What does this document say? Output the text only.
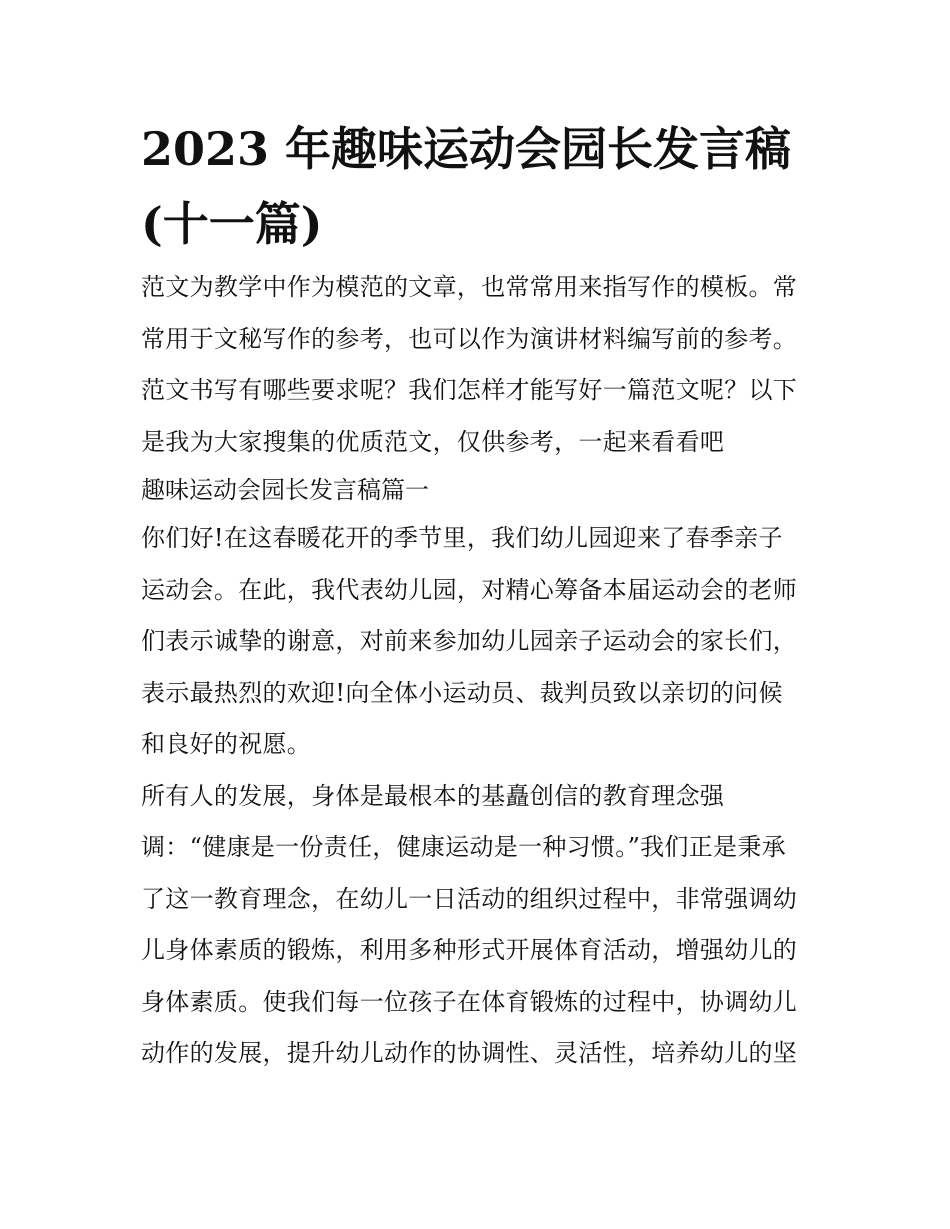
2023 年趣味运动会园长发言稿
(十一篇)

范文为教学中作为模范的文章，也常常用来指写作的模板。常
常用于文秘写作的参考，也可以作为演讲材料编写前的参考。
范文书写有哪些要求呢？我们怎样才能写好一篇范文呢？以下
是我为大家搜集的优质范文，仅供参考，一起来看看吧

趣味运动会园长发言稿篇一

你们好!在这春暖花开的季节里，我们幼儿园迎来了春季亲子
运动会。在此，我代表幼儿园，对精心筹备本届运动会的老师
们表示诚挚的谢意，对前来参加幼儿园亲子运动会的家长们，
表示最热烈的欢迎!向全体小运动员、裁判员致以亲切的问候
和良好的祝愿。

所有人的发展，身体是最根本的基矗创信的教育理念强
调：“健康是一份责任，健康运动是一种习惯。”我们正是秉承
了这一教育理念，在幼儿一日活动的组织过程中，非常强调幼
儿身体素质的锻炼，利用多种形式开展体育活动，增强幼儿的
身体素质。使我们每一位孩子在体育锻炼的过程中，协调幼儿
动作的发展，提升幼儿动作的协调性、灵活性，培养幼儿的坚
